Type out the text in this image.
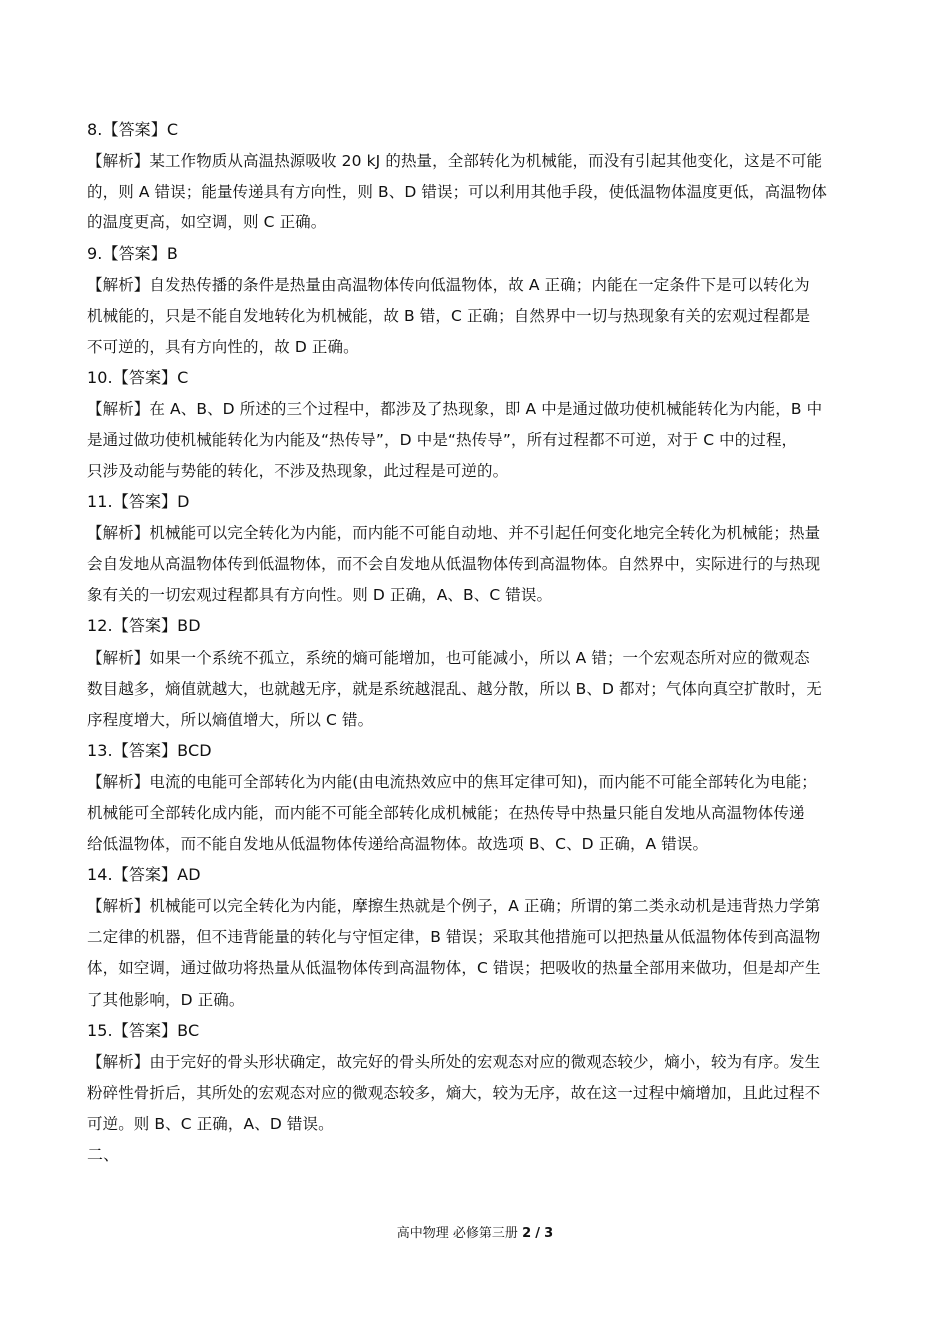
8.【答案】C
【解析】某工作物质从高温热源吸收 20 kJ 的热量，全部转化为机械能，而没有引起其他变化，这是不可能
的，则 A 错误；能量传递具有方向性，则 B、D 错误；可以利用其他手段，使低温物体温度更低，高温物体
的温度更高，如空调，则 C 正确。
9.【答案】B
【解析】自发热传播的条件是热量由高温物体传向低温物体，故 A 正确；内能在一定条件下是可以转化为
机械能的，只是不能自发地转化为机械能，故 B 错，C 正确；自然界中一切与热现象有关的宏观过程都是
不可逆的，具有方向性的，故 D 正确。
10.【答案】C
【解析】在 A、B、D 所述的三个过程中，都涉及了热现象，即 A 中是通过做功使机械能转化为内能，B 中
是通过做功使机械能转化为内能及“热传导”，D 中是“热传导”，所有过程都不可逆，对于 C 中的过程，
只涉及动能与势能的转化，不涉及热现象，此过程是可逆的。
11.【答案】D
【解析】机械能可以完全转化为内能，而内能不可能自动地、并不引起任何变化地完全转化为机械能；热量
会自发地从高温物体传到低温物体，而不会自发地从低温物体传到高温物体。自然界中，实际进行的与热现
象有关的一切宏观过程都具有方向性。则 D 正确，A、B、C 错误。
12.【答案】BD
【解析】如果一个系统不孤立，系统的熵可能增加，也可能减小，所以 A 错；一个宏观态所对应的微观态
数目越多，熵值就越大，也就越无序，就是系统越混乱、越分散，所以 B、D 都对；气体向真空扩散时，无
序程度增大，所以熵值增大，所以 C 错。
13.【答案】BCD
【解析】电流的电能可全部转化为内能(由电流热效应中的焦耳定律可知)，而内能不可能全部转化为电能；
机械能可全部转化成内能，而内能不可能全部转化成机械能；在热传导中热量只能自发地从高温物体传递
给低温物体，而不能自发地从低温物体传递给高温物体。故选项 B、C、D 正确，A 错误。
14.【答案】AD
【解析】机械能可以完全转化为内能，摩擦生热就是个例子，A 正确；所谓的第二类永动机是违背热力学第
二定律的机器，但不违背能量的转化与守恒定律，B 错误；采取其他措施可以把热量从低温物体传到高温物
体，如空调，通过做功将热量从低温物体传到高温物体，C 错误；把吸收的热量全部用来做功，但是却产生
了其他影响，D 正确。
15.【答案】BC
【解析】由于完好的骨头形状确定，故完好的骨头所处的宏观态对应的微观态较少，熵小，较为有序。发生
粉碎性骨折后，其所处的宏观态对应的微观态较多，熵大，较为无序，故在这一过程中熵增加，且此过程不
可逆。则 B、C 正确，A、D 错误。
二、
高中物理 必修第三册 2 / 3
